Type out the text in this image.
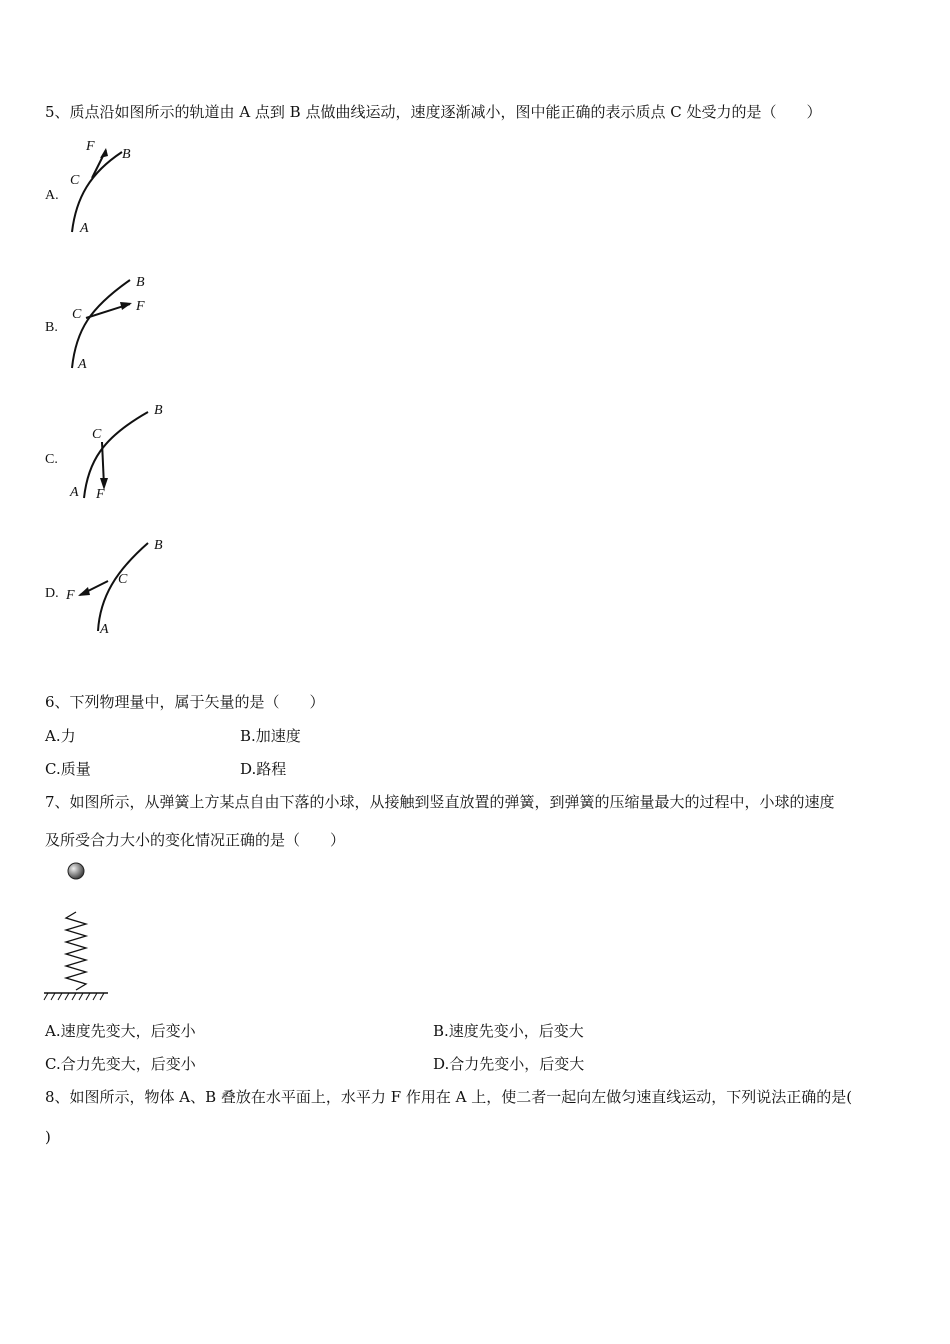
5、质点沿如图所示的轨道由 A 点到 B 点做曲线运动，速度逐渐减小，图中能正确的表示质点 C 处受力的是（　　）
A.
F
B
C
A
B.
B
F
C
A
C.
B
C
A F
D.
B
C
F
A
6、下列物理量中，属于矢量的是（　　）
A.力	B.加速度
C.质量	D.路程
7、如图所示，从弹簧上方某点自由下落的小球，从接触到竖直放置的弹簧，到弹簧的压缩量最大的过程中，小球的速度
及所受合力大小的变化情况正确的是（　　）
A.速度先变大，后变小	B.速度先变小，后变大
C.合力先变大，后变小	D.合力先变小，后变大
8、如图所示，物体 A、B 叠放在水平面上，水平力 F 作用在 A 上，使二者一起向左做匀速直线运动，下列说法正确的是(
)
